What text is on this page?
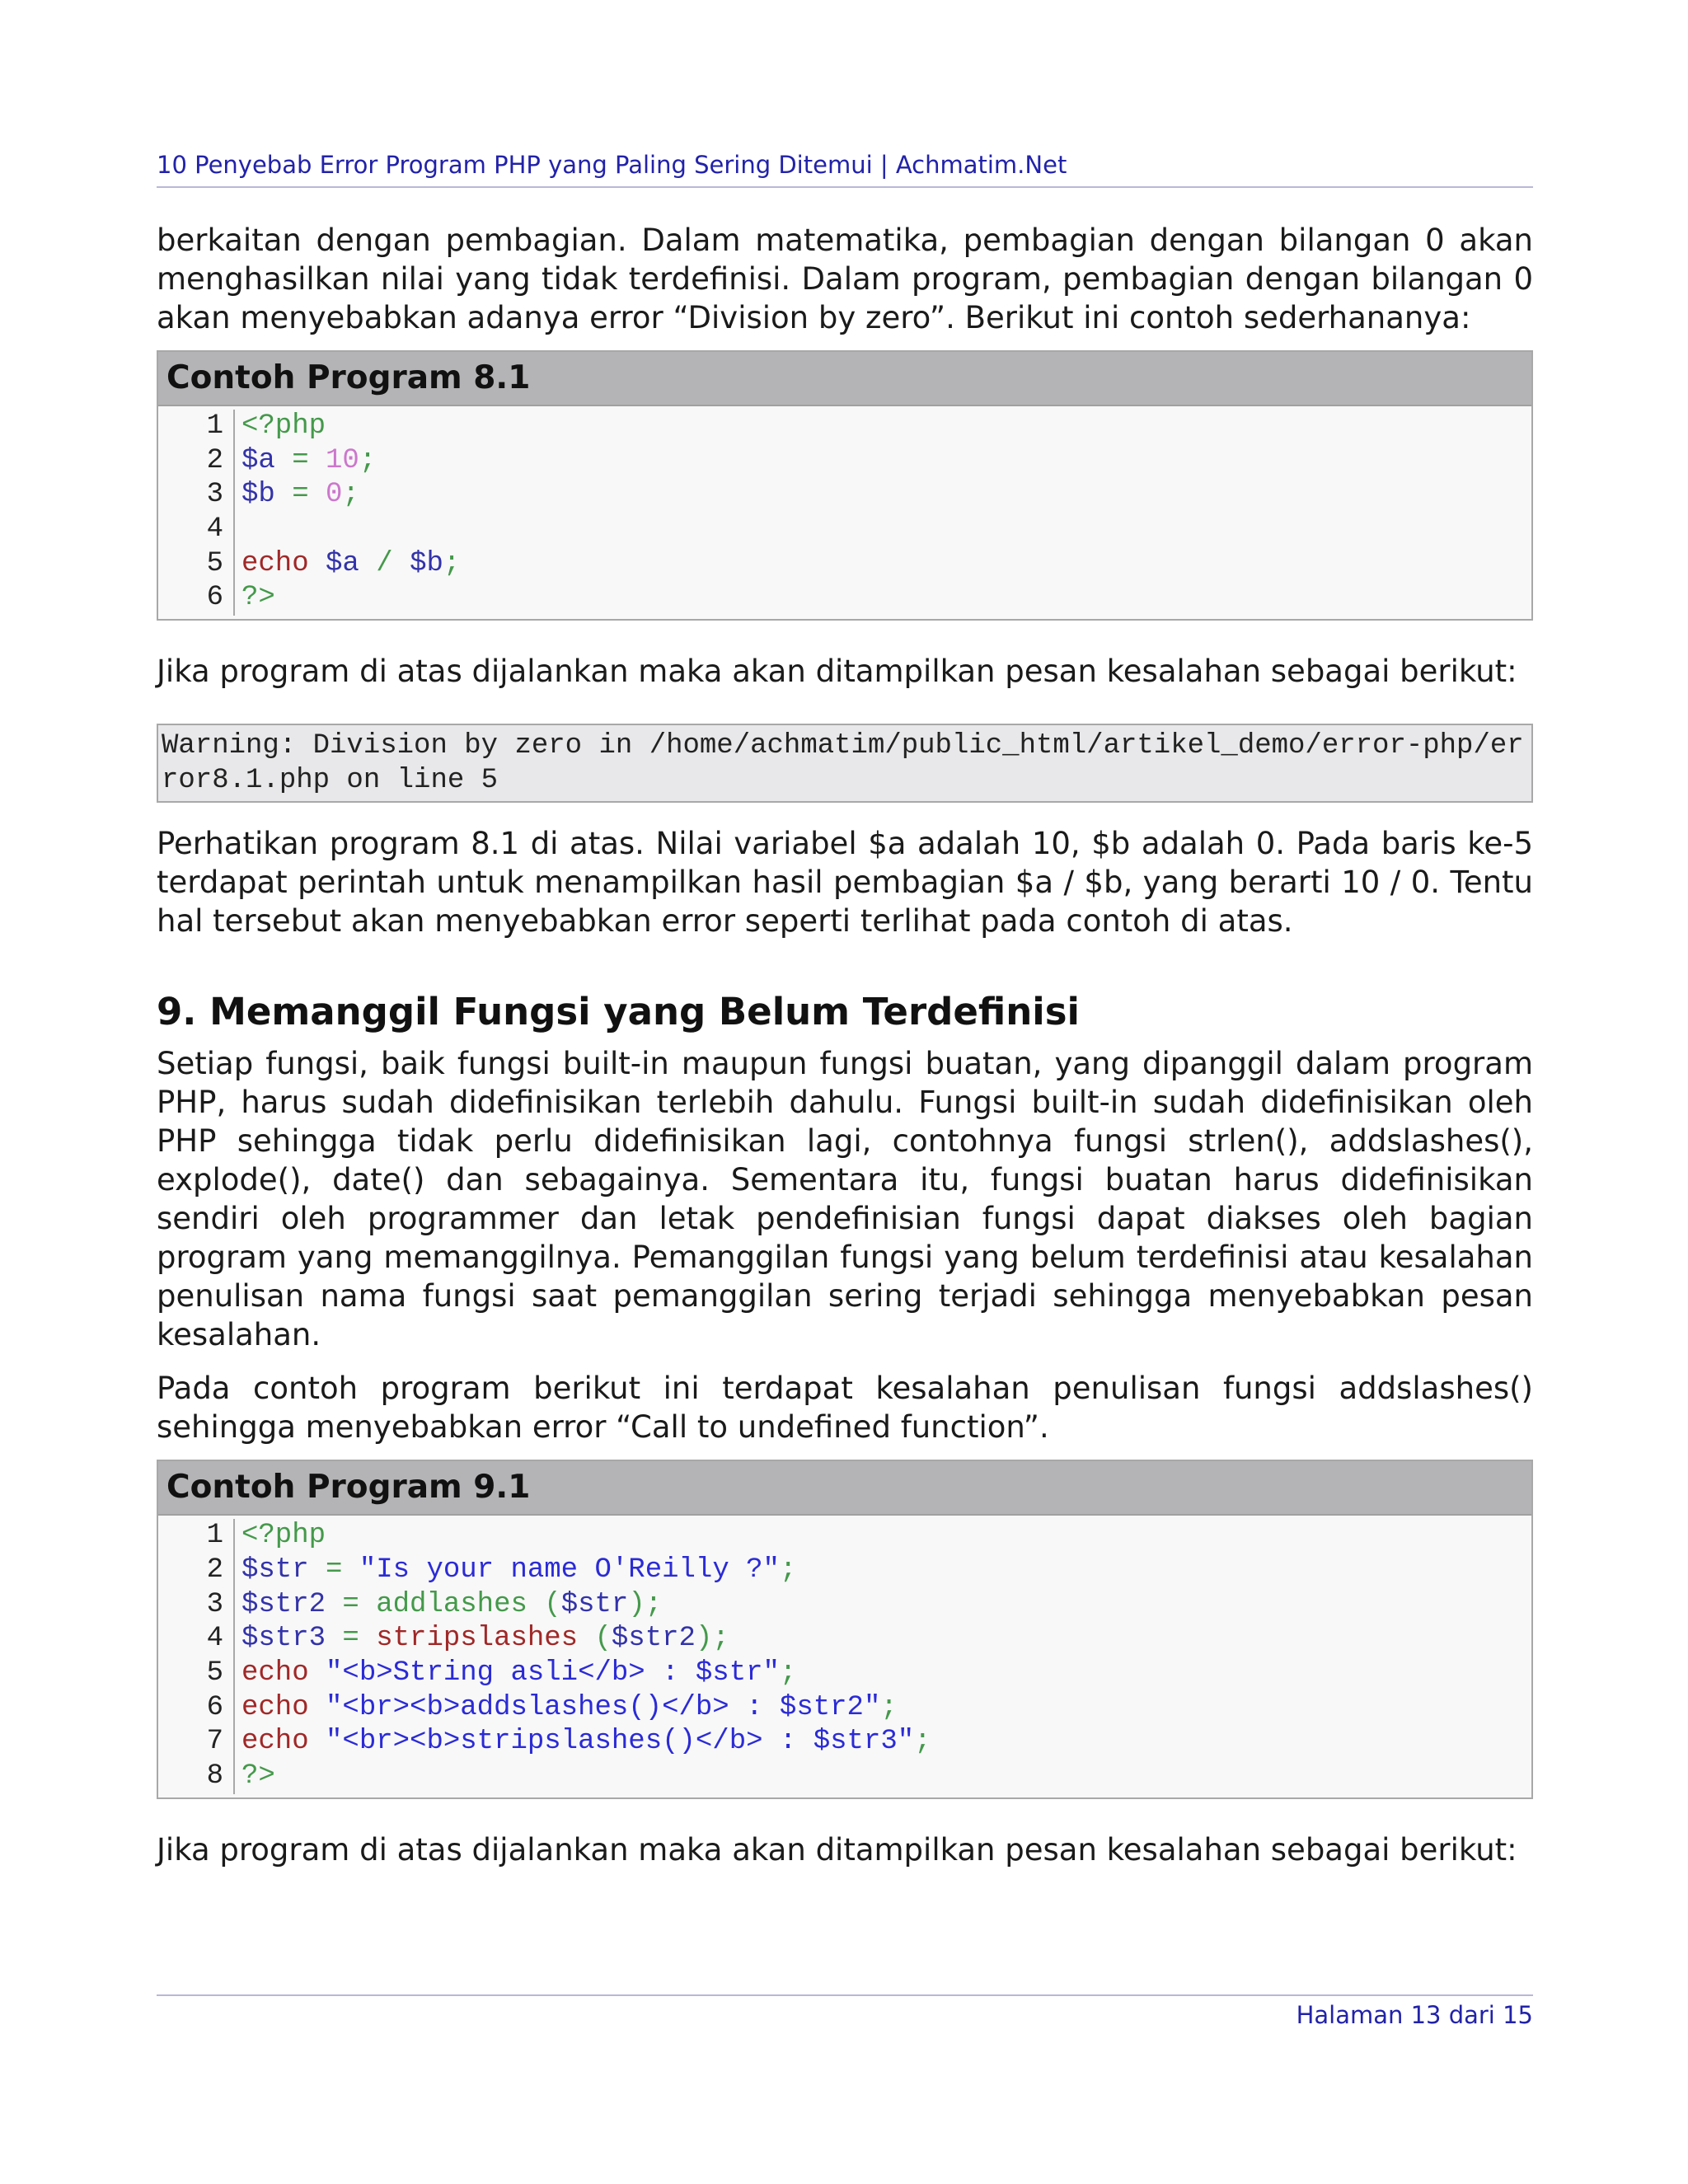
10 Penyebab Error Program PHP yang Paling Sering Ditemui | Achmatim.Net

berkaitan dengan pembagian. Dalam matematika, pembagian dengan bilangan 0 akan menghasilkan nilai yang tidak terdefinisi. Dalam program, pembagian dengan bilangan 0 akan menyebabkan adanya error “Division by zero”. Berikut ini contoh sederhananya:

Contoh Program 8.1
1
2
3
4
5
6
<?php
$a = 10;
$b = 0;

echo $a / $b;
?>

Jika program di atas dijalankan maka akan ditampilkan pesan kesalahan sebagai berikut:

Warning: Division by zero in /home/achmatim/public_html/artikel_demo/error-php/error8.1.php on line 5

Perhatikan program 8.1 di atas. Nilai variabel $a adalah 10, $b adalah 0. Pada baris ke-5 terdapat perintah untuk menampilkan hasil pembagian $a / $b, yang berarti 10 / 0. Tentu hal tersebut akan menyebabkan error seperti terlihat pada contoh di atas.

9. Memanggil Fungsi yang Belum Terdefinisi

Setiap fungsi, baik fungsi built-in maupun fungsi buatan, yang dipanggil dalam program PHP, harus sudah didefinisikan terlebih dahulu. Fungsi built-in sudah didefinisikan oleh PHP sehingga tidak perlu didefinisikan lagi, contohnya fungsi strlen(), addslashes(), explode(), date() dan sebagainya. Sementara itu, fungsi buatan harus didefinisikan sendiri oleh programmer dan letak pendefinisian fungsi dapat diakses oleh bagian program yang memanggilnya. Pemanggilan fungsi yang belum terdefinisi atau kesalahan penulisan nama fungsi saat pemanggilan sering terjadi sehingga menyebabkan pesan kesalahan.

Pada contoh program berikut ini terdapat kesalahan penulisan fungsi addslashes() sehingga menyebabkan error “Call to undefined function”.

Contoh Program 9.1
1
2
3
4
5
6
7
8
<?php
$str = "Is your name O'Reilly ?";
$str2 = addlashes ($str);
$str3 = stripslashes ($str2);
echo "<b>String asli</b> : $str";
echo "<br><b>addslashes()</b> : $str2";
echo "<br><b>stripslashes()</b> : $str3";
?>

Jika program di atas dijalankan maka akan ditampilkan pesan kesalahan sebagai berikut:

Halaman 13 dari 15
